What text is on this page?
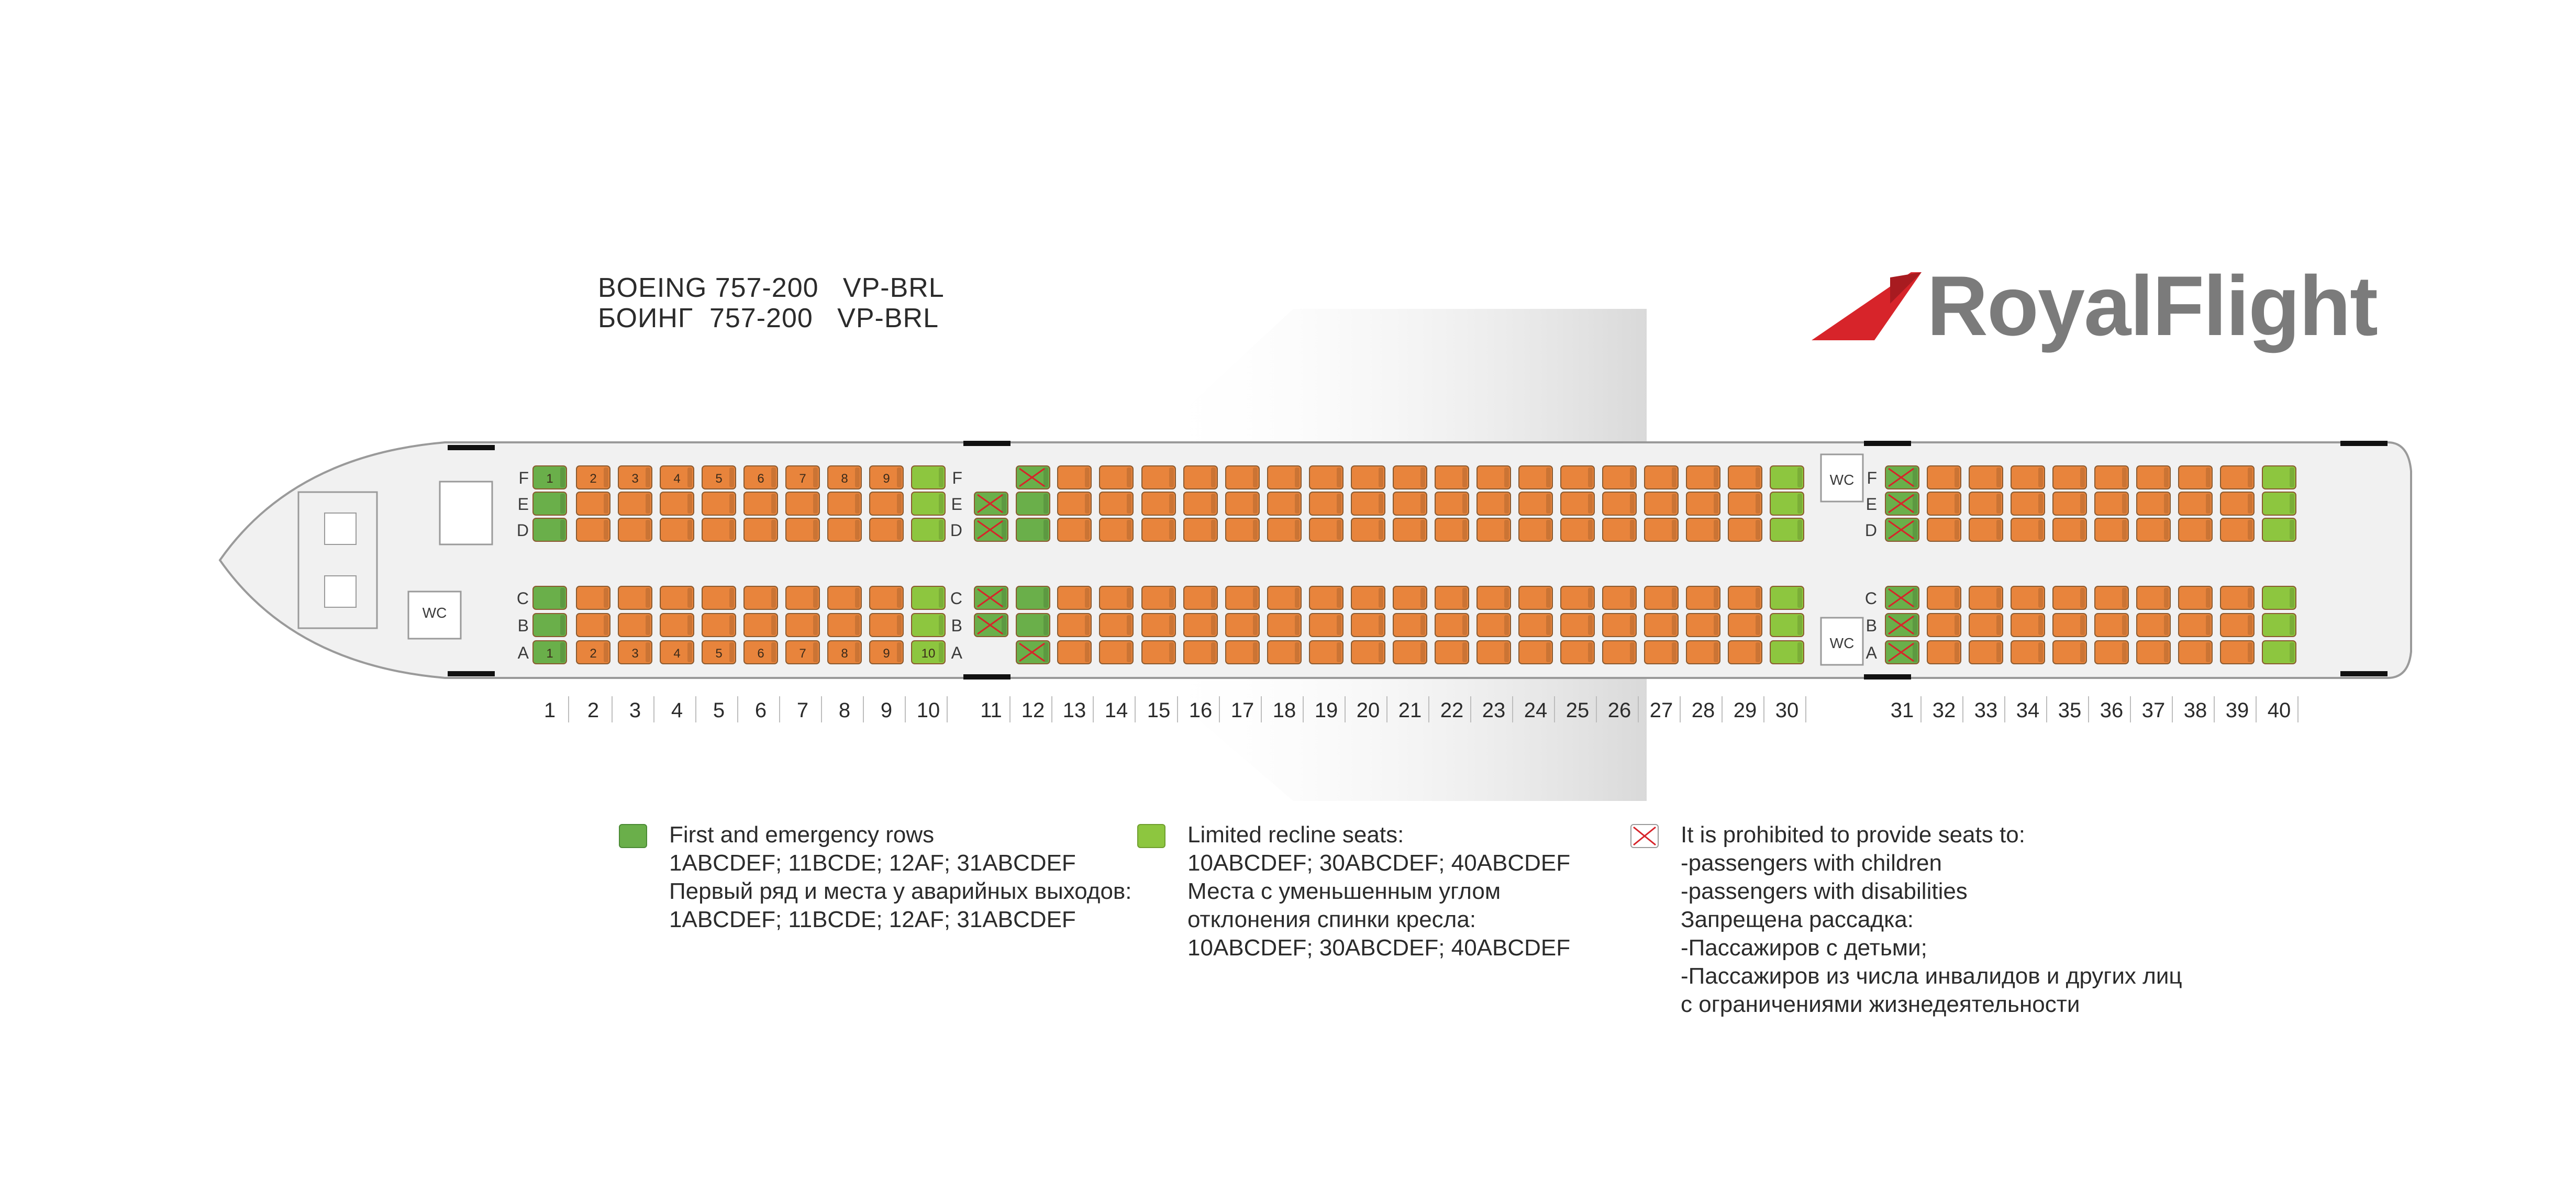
BOEING 757-200   VP-BRL
БОИНГ  757-200   VP-BRL	RoyalFlight
1	2	3	4	5	6	7	8	9
1	2	3	4	5	6	7	8	9 10
F
E
D
C
B
A
F
E
D
C
B
A
F
E
D
C
B
A
1 2 3 4 5 6 7 8 9 10 11 12 13 14 15 16 17 18 19 20 21 22 23 24 25 26 27 28 29 30	31 32 33 34 35 36 37 38 39 40
WC
WC
WC
First and emergency rows
1ABCDEF; 11BCDE; 12AF; 31ABCDEF
Первый ряд и места у аварийных выходов:
1ABCDEF; 11BCDE; 12AF; 31ABCDEF
Limited recline seats:
10ABCDEF; 30ABCDEF; 40ABCDEF
Места с уменьшенным углом
отклонения спинки кресла:
10ABCDEF; 30ABCDEF; 40ABCDEF
It is prohibited to provide seats to:
-passengers with children
-passengers with disabilities
Запрещена рассадка:
-Пассажиров с детьми;
-Пассажиров из числа инвалидов и других лиц
с ограничениями жизнедеятельности
